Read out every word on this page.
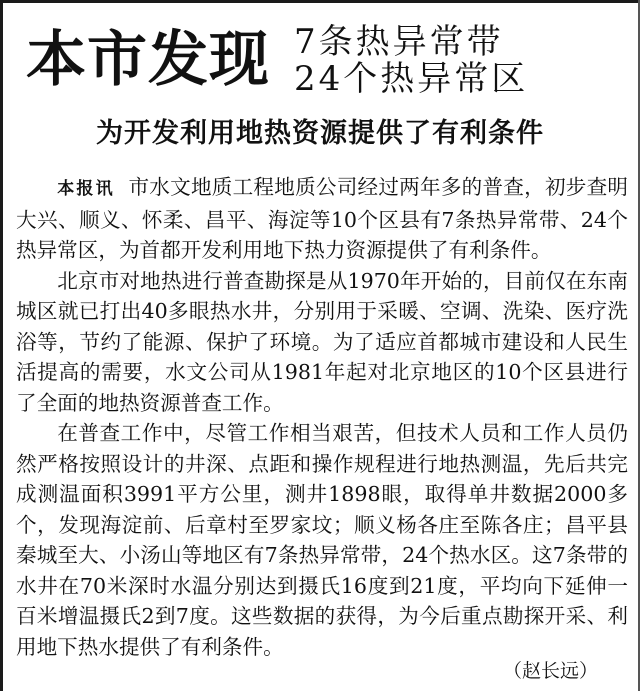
本市发现 7条热异常带
24个热异常区
为开发利用地热资源提供了有利条件

本报讯 市水文地质工程地质公司经过两年多的普查，初步查明大兴、顺义、怀柔、昌平、海淀等10个区县有7条热异常带、24个热异常区，为首都开发利用地下热力资源提供了有利条件。

北京市对地热进行普查勘探是从1970年开始的，目前仅在东南城区就已打出40多眼热水井，分别用于采暖、空调、洗染、医疗洗浴等，节约了能源、保护了环境。为了适应首都城市建设和人民生活提高的需要，水文公司从1981年起对北京地区的10个区县进行了全面的地热资源普查工作。

在普查工作中，尽管工作相当艰苦，但技术人员和工作人员仍然严格按照设计的井深、点距和操作规程进行地热测温，先后共完成测温面积3991平方公里，测井1898眼，取得单井数据2000多个，发现海淀前、后章村至罗家坟；顺义杨各庄至陈各庄；昌平县秦城至大、小汤山等地区有7条热异常带，24个热水区。这7条带的水井在70米深时水温分别达到摄氏16度到21度，平均向下延伸一百米增温摄氏2到7度。这些数据的获得，为今后重点勘探开采、利用地下热水提供了有利条件。

（赵长远）
